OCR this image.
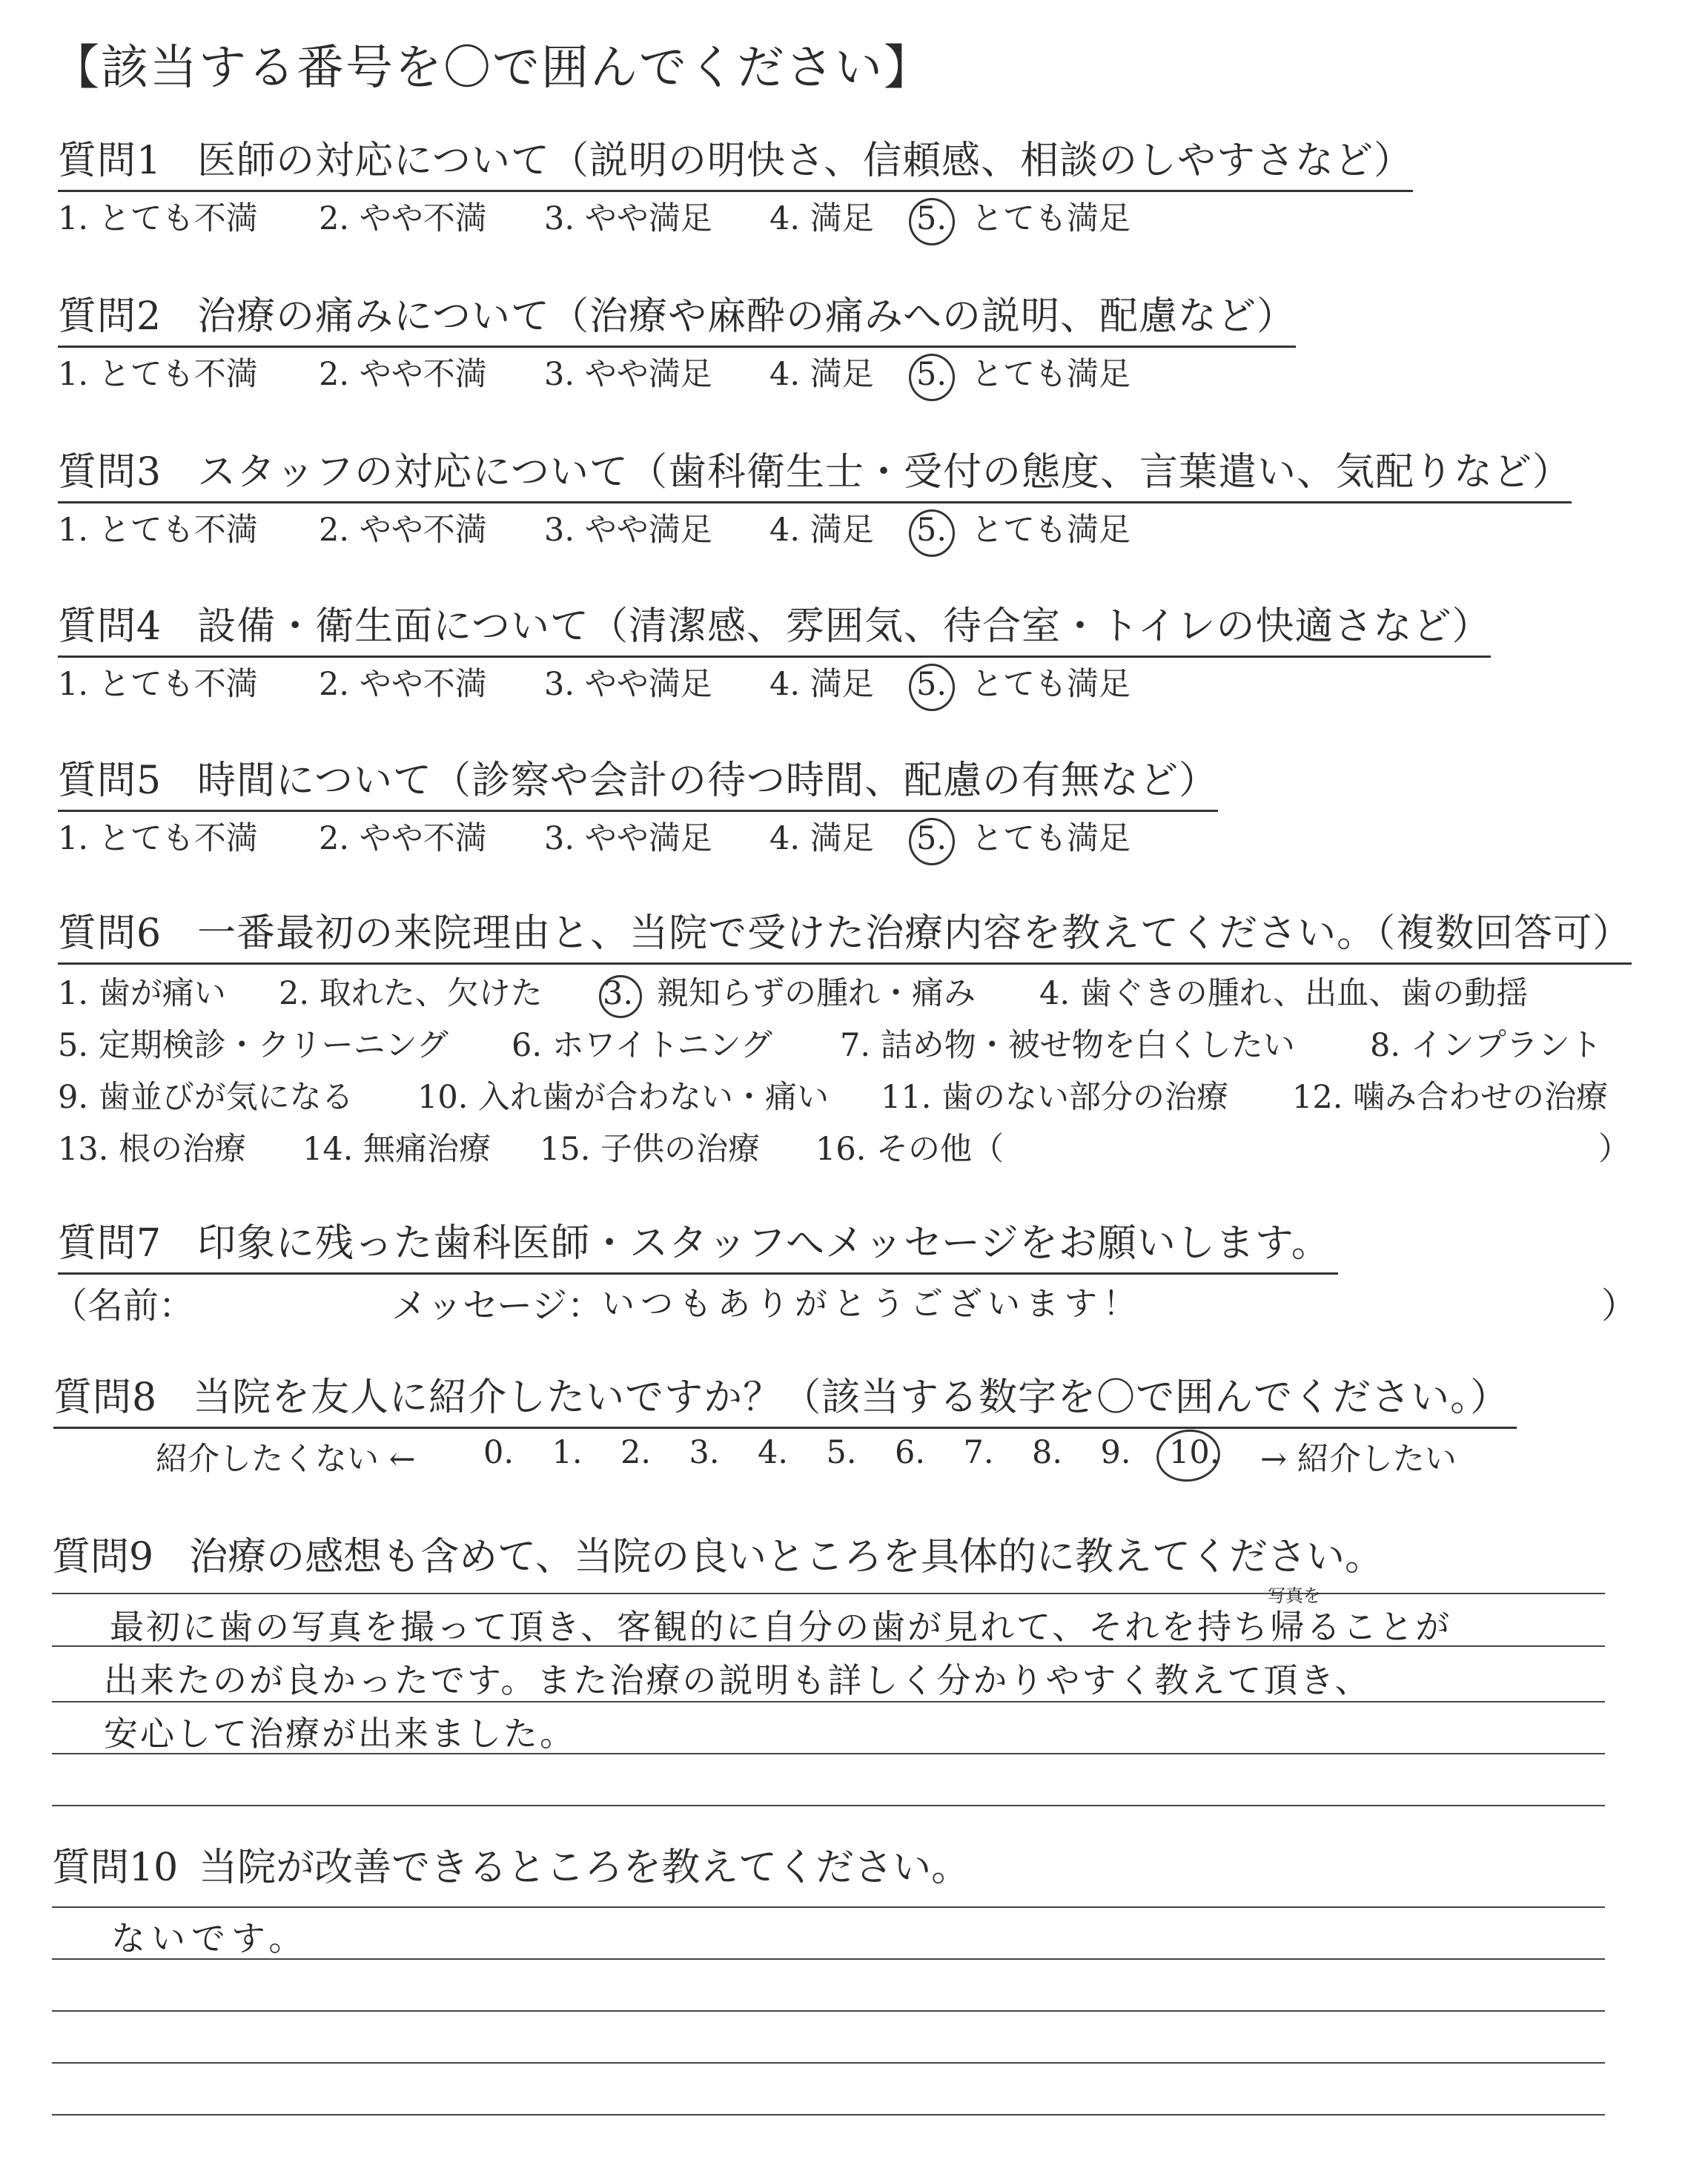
【該当する番号を〇で囲んでください】
質問1 医師の対応について（説明の明快さ、信頼感、相談のしやすさなど）
1. とても不満 2. やや不満 3. やや満足 4. 満足 5. とても満足
質問2 治療の痛みについて（治療や麻酔の痛みへの説明、配慮など）
1. とても不満 2. やや不満 3. やや満足 4. 満足 5. とても満足
質問3 スタッフの対応について（歯科衛生士・受付の態度、言葉遣い、気配りなど）
1. とても不満 2. やや不満 3. やや満足 4. 満足 5. とても満足
質問4 設備・衛生面について（清潔感、雰囲気、待合室・トイレの快適さなど）
1. とても不満 2. やや不満 3. やや満足 4. 満足 5. とても満足
質問5 時間について（診察や会計の待つ時間、配慮の有無など）
1. とても不満 2. やや不満 3. やや満足 4. 満足 5. とても満足
質問6 一番最初の来院理由と、当院で受けた治療内容を教えてください。（複数回答可）
1. 歯が痛い 2. 取れた、欠けた 3. 親知らずの腫れ・痛み 4. 歯ぐきの腫れ、出血、歯の動揺
5. 定期検診・クリーニング 6. ホワイトニング 7. 詰め物・被せ物を白くしたい 8. インプラント
9. 歯並びが気になる 10. 入れ歯が合わない・痛い 11. 歯のない部分の治療 12. 噛み合わせの治療
13. 根の治療 14. 無痛治療 15. 子供の治療 16. その他（	）
質問7 印象に残った歯科医師・スタッフへメッセージをお願いします。
（名前：	メッセージ：
いつもありがとうございます！	）
質問8 当院を友人に紹介したいですか？（該当する数字を〇で囲んでください。）
紹介したくない ← 0. 1. 2. 3. 4. 5. 6. 7. 8. 9. 10. → 紹介したい
質問9 治療の感想も含めて、当院の良いところを具体的に教えてください。
写真を
最初に歯の写真を撮って頂き、客観的に自分の歯が見れて、それを持ち帰ることが
出来たのが良かったです。また治療の説明も詳しく分かりやすく教えて頂き、
安心して治療が出来ました。
質問10 当院が改善できるところを教えてください。
ないです。
